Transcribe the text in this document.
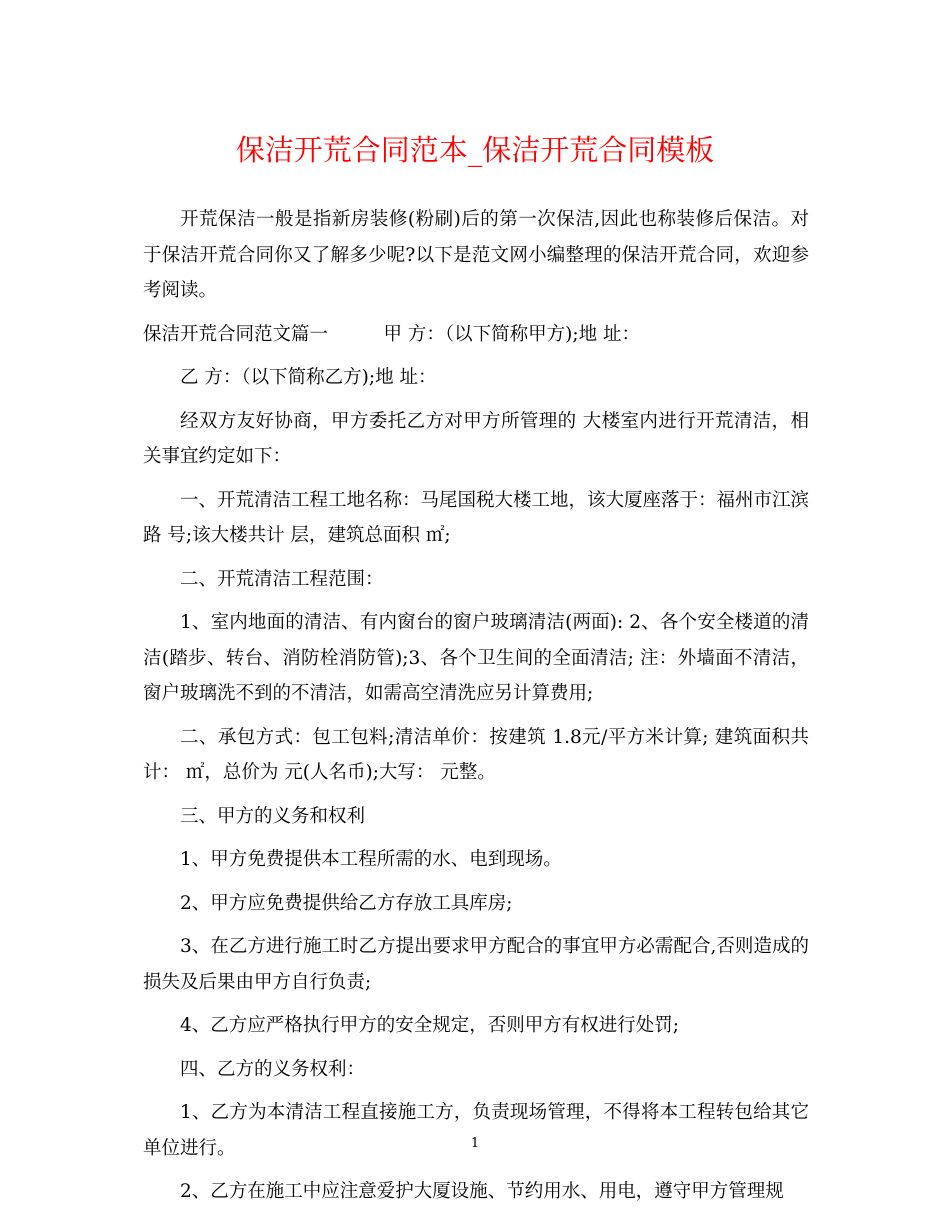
保洁开荒合同范本_保洁开荒合同模板

开荒保洁一般是指新房装修(粉刷)后的第一次保洁,因此也称装修后保洁。对于保洁开荒合同你又了解多少呢?以下是范文网小编整理的保洁开荒合同，欢迎参考阅读。

保洁开荒合同范文篇一　　　甲 方：（以下简称甲方);地 址：

乙 方：（以下简称乙方);地 址：

经双方友好协商，甲方委托乙方对甲方所管理的 大楼室内进行开荒清洁，相关事宜约定如下：

一、开荒清洁工程工地名称：马尾国税大楼工地，该大厦座落于：福州市江滨路 号;该大楼共计 层，建筑总面积 ㎡;

二、开荒清洁工程范围：

1、室内地面的清洁、有内窗台的窗户玻璃清洁(两面): 2、各个安全楼道的清洁(踏步、转台、消防栓消防管);3、各个卫生间的全面清洁; 注：外墙面不清洁，窗户玻璃洗不到的不清洁，如需高空清洗应另计算费用;

二、承包方式：包工包料;清洁单价：按建筑 1.8元/平方米计算; 建筑面积共计： ㎡，总价为 元(人名币);大写： 元整。

三、甲方的义务和权利

1、甲方免费提供本工程所需的水、电到现场。

2、甲方应免费提供给乙方存放工具库房;

3、在乙方进行施工时乙方提出要求甲方配合的事宜甲方必需配合,否则造成的损失及后果由甲方自行负责;

4、乙方应严格执行甲方的安全规定，否则甲方有权进行处罚;

四、乙方的义务权利：

1、乙方为本清洁工程直接施工方，负责现场管理，不得将本工程转包给其它单位进行。

2、乙方在施工中应注意爱护大厦设施、节约用水、用电，遵守甲方管理规

1
